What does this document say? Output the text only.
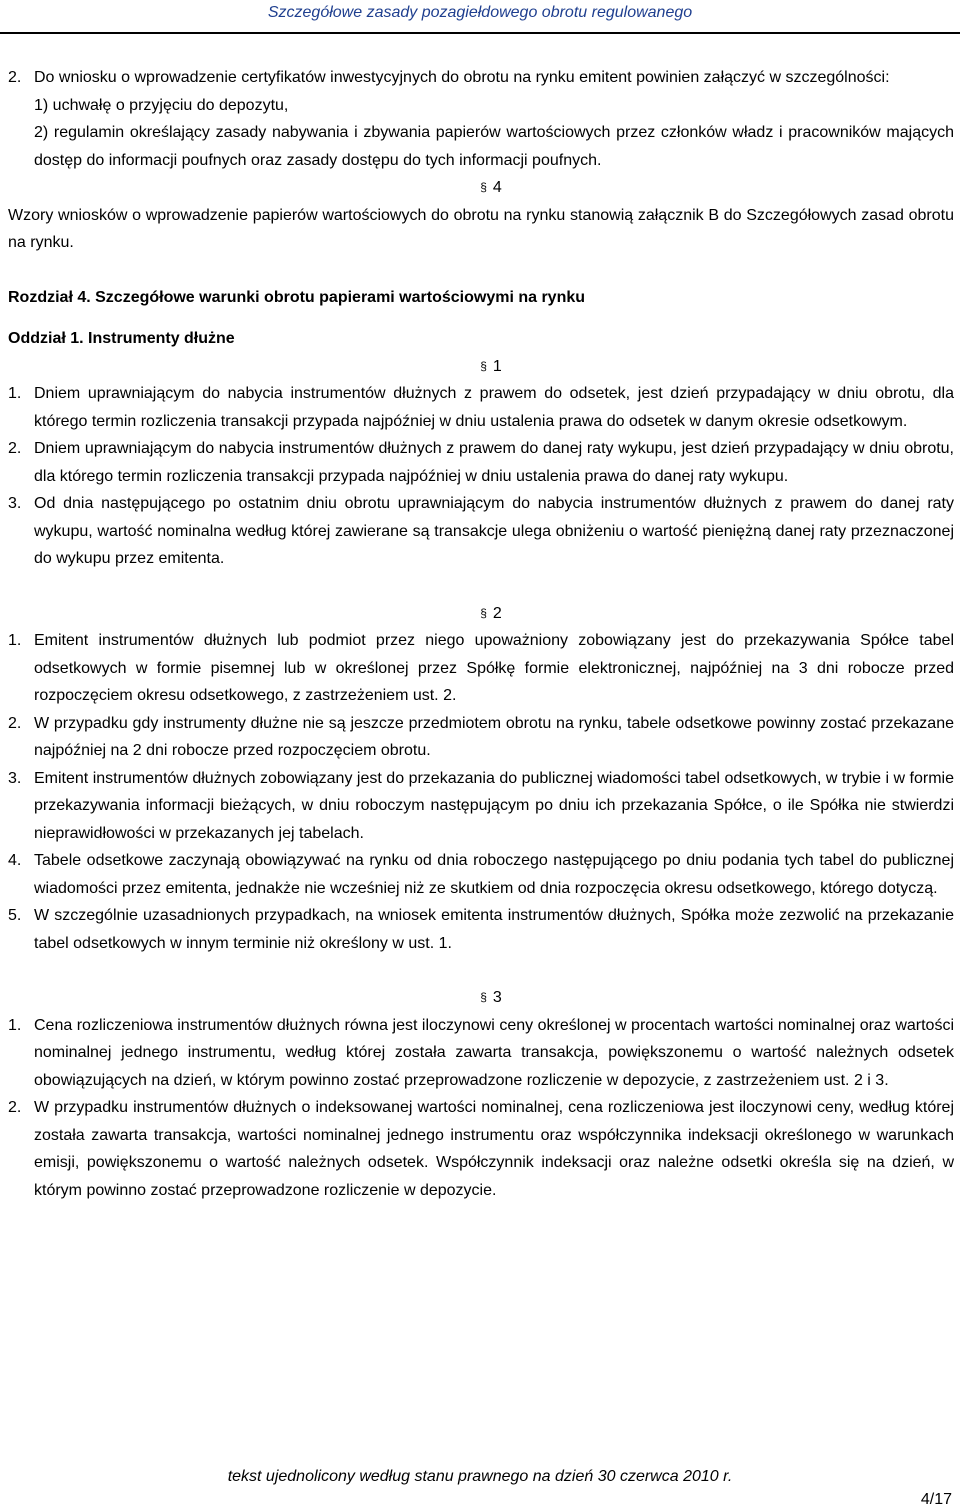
Szczegółowe zasady pozagiełdowego obrotu regulowanego
2. Do wniosku o wprowadzenie certyfikatów inwestycyjnych do obrotu na rynku emitent powinien załączyć w szczególności:
1) uchwałę o przyjęciu do depozytu,
2) regulamin określający zasady nabywania i zbywania papierów wartościowych przez członków władz i pracowników mających dostęp do informacji poufnych oraz zasady dostępu do tych informacji poufnych.
§ 4
Wzory wniosków o wprowadzenie papierów wartościowych do obrotu na rynku stanowią załącznik B do Szczegółowych zasad obrotu na rynku.
Rozdział 4. Szczegółowe warunki obrotu papierami wartościowymi na rynku
Oddział 1. Instrumenty dłużne
§ 1
1. Dniem uprawniającym do nabycia instrumentów dłużnych z prawem do odsetek, jest dzień przypadający w dniu obrotu, dla którego termin rozliczenia transakcji przypada najpóźniej w dniu ustalenia prawa do odsetek w danym okresie odsetkowym.
2. Dniem uprawniającym do nabycia instrumentów dłużnych z prawem do danej raty wykupu, jest dzień przypadający w dniu obrotu, dla którego termin rozliczenia transakcji przypada najpóźniej w dniu ustalenia prawa do danej raty wykupu.
3. Od dnia następującego po ostatnim dniu obrotu uprawniającym do nabycia instrumentów dłużnych z prawem do danej raty wykupu, wartość nominalna według której zawierane są transakcje ulega obniżeniu o wartość pieniężną danej raty przeznaczonej do wykupu przez emitenta.
§ 2
1. Emitent instrumentów dłużnych lub podmiot przez niego upoważniony zobowiązany jest do przekazywania Spółce tabel odsetkowych w formie pisemnej lub w określonej przez Spółkę formie elektronicznej, najpóźniej na 3 dni robocze przed rozpoczęciem okresu odsetkowego, z zastrzeżeniem ust. 2.
2. W przypadku gdy instrumenty dłużne nie są jeszcze przedmiotem obrotu na rynku, tabele odsetkowe powinny zostać przekazane najpóźniej na 2 dni robocze przed rozpoczęciem obrotu.
3. Emitent instrumentów dłużnych zobowiązany jest do przekazania do publicznej wiadomości tabel odsetkowych, w trybie i w formie przekazywania informacji bieżących, w dniu roboczym następującym po dniu ich przekazania Spółce, o ile Spółka nie stwierdzi nieprawidłowości w przekazanych jej tabelach.
4. Tabele odsetkowe zaczynają obowiązywać na rynku od dnia roboczego następującego po dniu podania tych tabel do publicznej wiadomości przez emitenta, jednakże nie wcześniej niż ze skutkiem od dnia rozpoczęcia okresu odsetkowego, którego dotyczą.
5. W szczególnie uzasadnionych przypadkach, na wniosek emitenta instrumentów dłużnych, Spółka może zezwolić na przekazanie tabel odsetkowych w innym terminie niż określony w ust. 1.
§ 3
1. Cena rozliczeniowa instrumentów dłużnych równa jest iloczynowi ceny określonej w procentach wartości nominalnej oraz wartości nominalnej jednego instrumentu, według której została zawarta transakcja, powiększonemu o wartość należnych odsetek obowiązujących na dzień, w którym powinno zostać przeprowadzone rozliczenie w depozycie, z zastrzeżeniem ust. 2 i 3.
2. W przypadku instrumentów dłużnych o indeksowanej wartości nominalnej, cena rozliczeniowa jest iloczynowi ceny, według której została zawarta transakcja, wartości nominalnej jednego instrumentu oraz współczynnika indeksacji określonego w warunkach emisji, powiększonemu o wartość należnych odsetek. Współczynnik indeksacji oraz należne odsetki określa się na dzień, w którym powinno zostać przeprowadzone rozliczenie w depozycie.
tekst ujednolicony według stanu prawnego na dzień 30 czerwca 2010 r.
4/17
